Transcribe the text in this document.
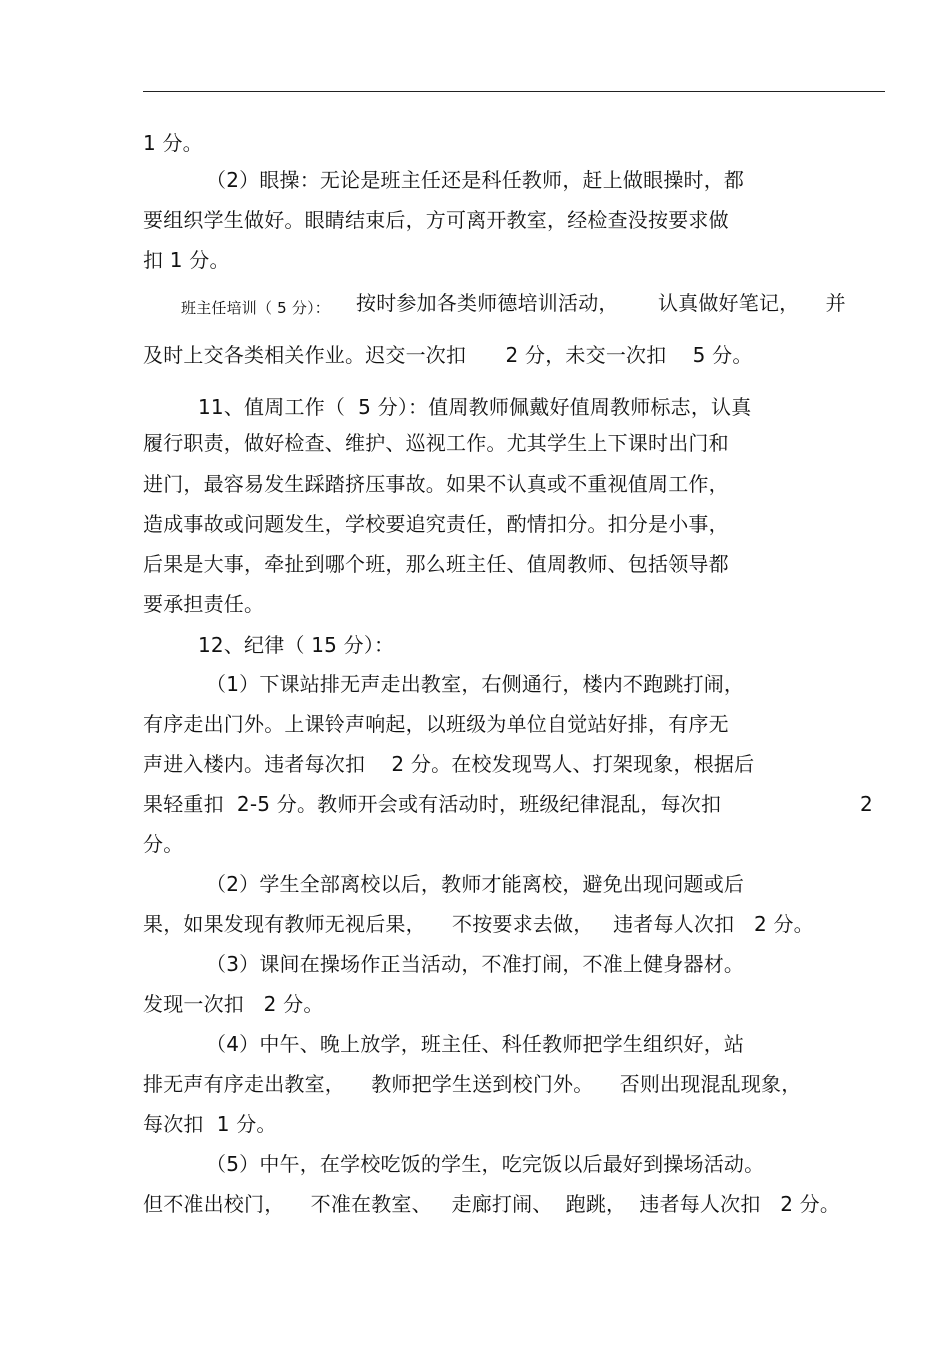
1 分。
（2）眼操：无论是班主任还是科任教师，赶上做眼操时，都
要组织学生做好。眼睛结束后，方可离开教室，经检查没按要求做
扣 1 分。
班主任培训（ 5 分）： 按时参加各类师德培训活动，      认真做好笔记，    并
及时上交各类相关作业。迟交一次扣      2 分，未交一次扣    5 分。
11、值周工作（  5 分）：值周教师佩戴好值周教师标志，认真
履行职责，做好检查、维护、巡视工作。尤其学生上下课时出门和
进门，最容易发生踩踏挤压事故。如果不认真或不重视值周工作，
造成事故或问题发生，学校要追究责任，酌情扣分。扣分是小事，
后果是大事，牵扯到哪个班，那么班主任、值周教师、包括领导都
要承担责任。
12、纪律（ 15 分）：
（1）下课站排无声走出教室，右侧通行，楼内不跑跳打闹，
有序走出门外。上课铃声响起，以班级为单位自觉站好排，有序无
声进入楼内。违者每次扣    2 分。在校发现骂人、打架现象，根据后
果轻重扣  2-5 分。教师开会或有活动时，班级纪律混乱，每次扣	2
分。
（2）学生全部离校以后，教师才能离校，避免出现问题或后
果，如果发现有教师无视后果，    不按要求去做，   违者每人次扣   2 分。
（3）课间在操场作正当活动，不准打闹，不准上健身器材。
发现一次扣   2 分。
（4）中午、晚上放学，班主任、科任教师把学生组织好，站
排无声有序走出教室，    教师把学生送到校门外。    否则出现混乱现象，
每次扣  1 分。
（5）中午，在学校吃饭的学生，吃完饭以后最好到操场活动。
但不准出校门，    不准在教室、   走廊打闹、  跑跳，  违者每人次扣   2 分。
